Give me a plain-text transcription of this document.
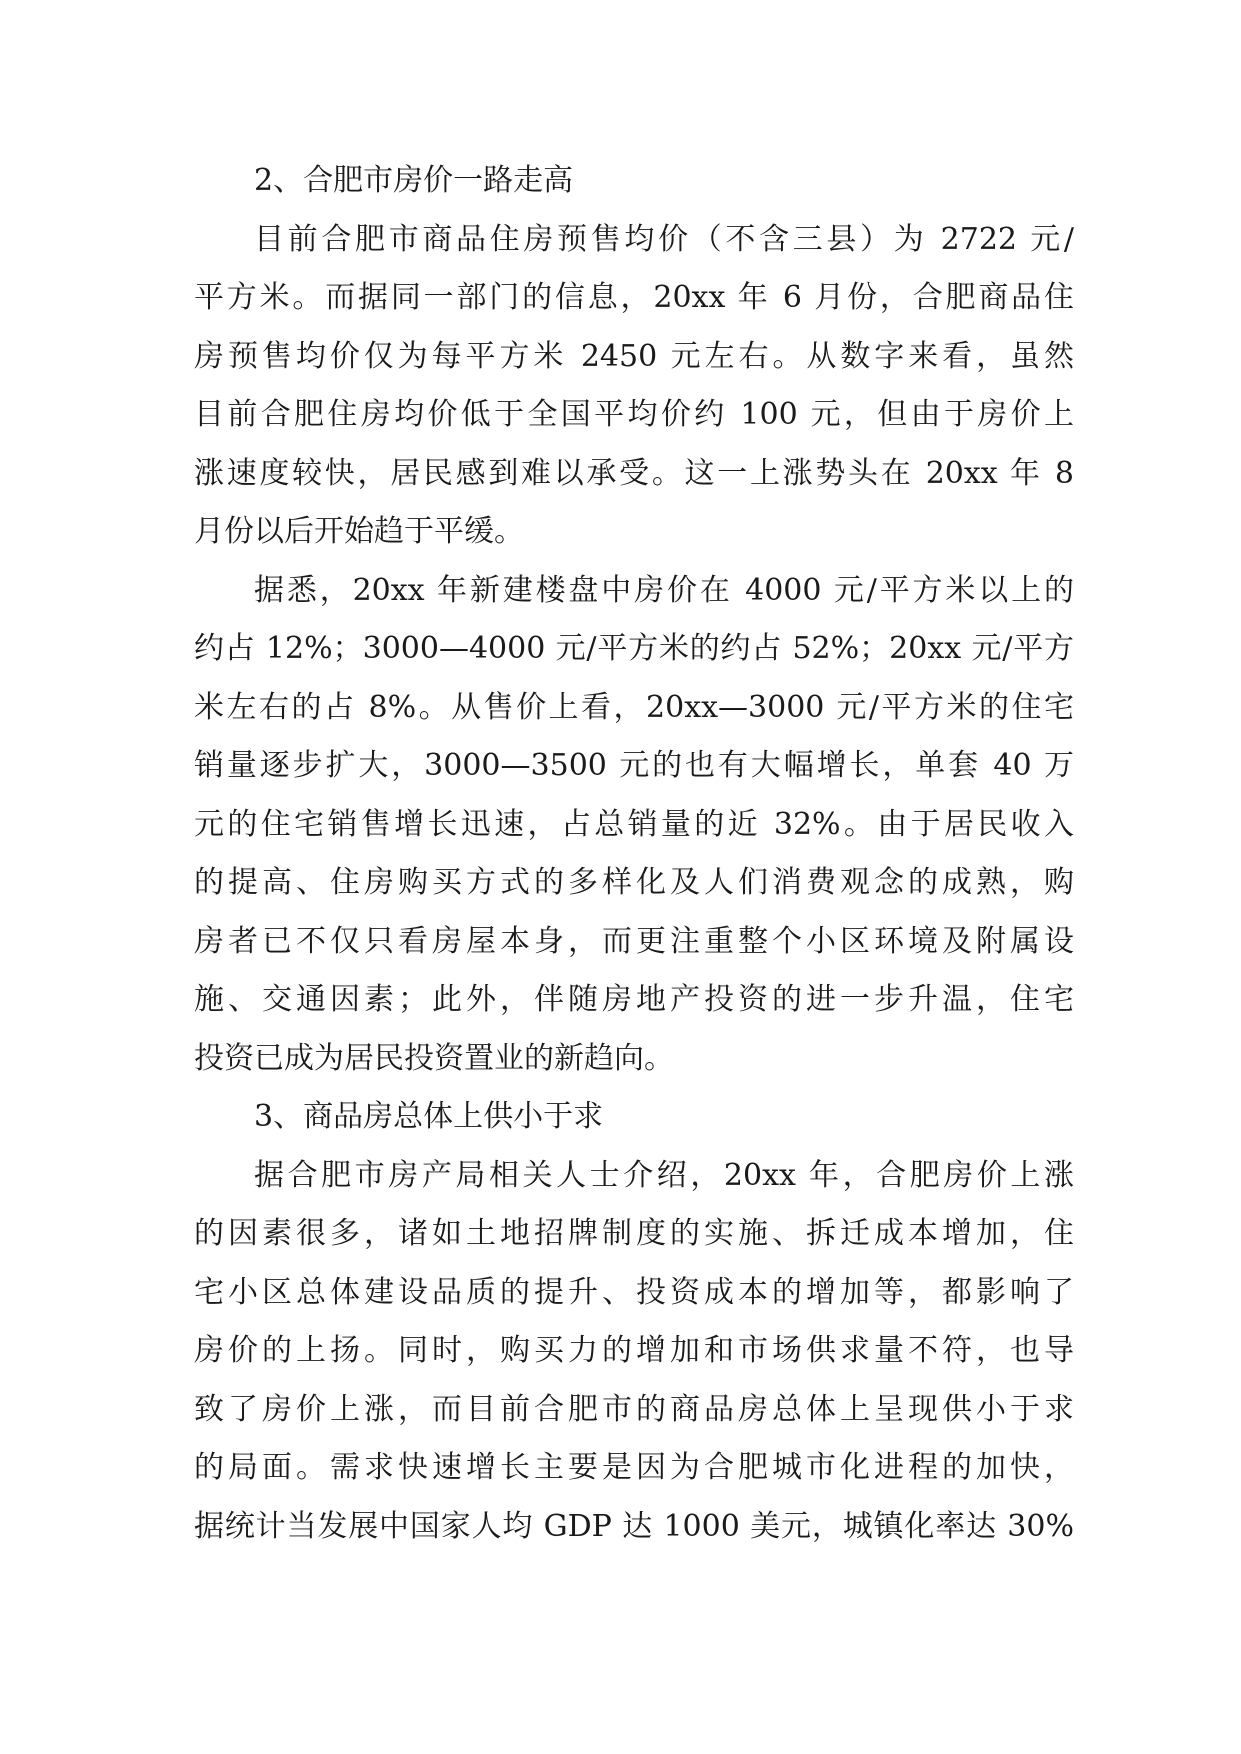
2、合肥市房价一路走高
目前合肥市商品住房预售均价（不含三县）为 2722 元/
平方米。而据同一部门的信息，20xx 年 6 月份，合肥商品住
房预售均价仅为每平方米 2450 元左右。从数字来看，虽然
目前合肥住房均价低于全国平均价约 100 元，但由于房价上
涨速度较快，居民感到难以承受。这一上涨势头在 20xx 年 8
月份以后开始趋于平缓。
据悉，20xx 年新建楼盘中房价在 4000 元/平方米以上的
约占 12%；3000—4000 元/平方米的约占 52%；20xx 元/平方
米左右的占 8%。从售价上看，20xx—3000 元/平方米的住宅
销量逐步扩大，3000—3500 元的也有大幅增长，单套 40 万
元的住宅销售增长迅速，占总销量的近 32%。由于居民收入
的提高、住房购买方式的多样化及人们消费观念的成熟，购
房者已不仅只看房屋本身，而更注重整个小区环境及附属设
施、交通因素；此外，伴随房地产投资的进一步升温，住宅
投资已成为居民投资置业的新趋向。
3、商品房总体上供小于求
据合肥市房产局相关人士介绍，20xx 年，合肥房价上涨
的因素很多，诸如土地招牌制度的实施、拆迁成本增加，住
宅小区总体建设品质的提升、投资成本的增加等，都影响了
房价的上扬。同时，购买力的增加和市场供求量不符，也导
致了房价上涨，而目前合肥市的商品房总体上呈现供小于求
的局面。需求快速增长主要是因为合肥城市化进程的加快，
据统计当发展中国家人均 GDP 达 1000 美元，城镇化率达 30%
